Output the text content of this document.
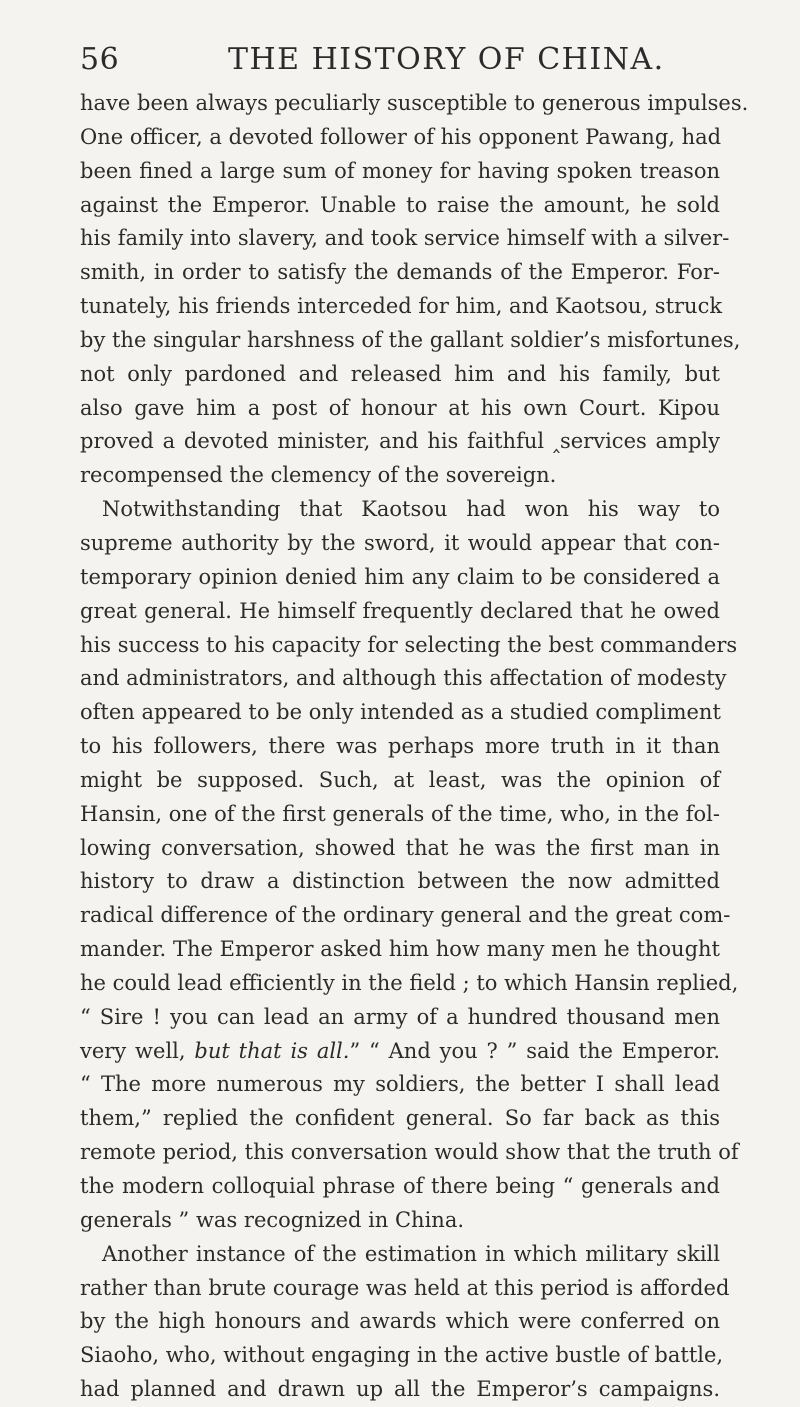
56	THE HISTORY OF CHINA.
have been always peculiarly susceptible to generous impulses.
One officer, a devoted follower of his opponent Pawang, had
been fined a large sum of money for having spoken treason
against the Emperor. Unable to raise the amount, he sold
his family into slavery, and took service himself with a silver-
smith, in order to satisfy the demands of the Emperor. For-
tunately, his friends interceded for him, and Kaotsou, struck
by the singular harshness of the gallant soldier’s misfortunes,
not only pardoned and released him and his family, but
also gave him a post of honour at his own Court. Kipou
proved a devoted minister, and his faithful ‸services amply
recompensed the clemency of the sovereign.
Notwithstanding that Kaotsou had won his way to
supreme authority by the sword, it would appear that con-
temporary opinion denied him any claim to be considered a
great general. He himself frequently declared that he owed
his success to his capacity for selecting the best commanders
and administrators, and although this affectation of modesty
often appeared to be only intended as a studied compliment
to his followers, there was perhaps more truth in it than
might be supposed. Such, at least, was the opinion of
Hansin, one of the first generals of the time, who, in the fol-
lowing conversation, showed that he was the first man in
history to draw a distinction between the now admitted
radical difference of the ordinary general and the great com-
mander. The Emperor asked him how many men he thought
he could lead efficiently in the field ; to which Hansin replied,
“ Sire ! you can lead an army of a hundred thousand men
very well, but that is all.” “ And you ? ” said the Emperor.
“ The more numerous my soldiers, the better I shall lead
them,” replied the confident general. So far back as this
remote period, this conversation would show that the truth of
the modern colloquial phrase of there being “ generals and
generals ” was recognized in China.
Another instance of the estimation in which military skill
rather than brute courage was held at this period is afforded
by the high honours and awards which were conferred on
Siaoho, who, without engaging in the active bustle of battle,
had planned and drawn up all the Emperor’s campaigns.
